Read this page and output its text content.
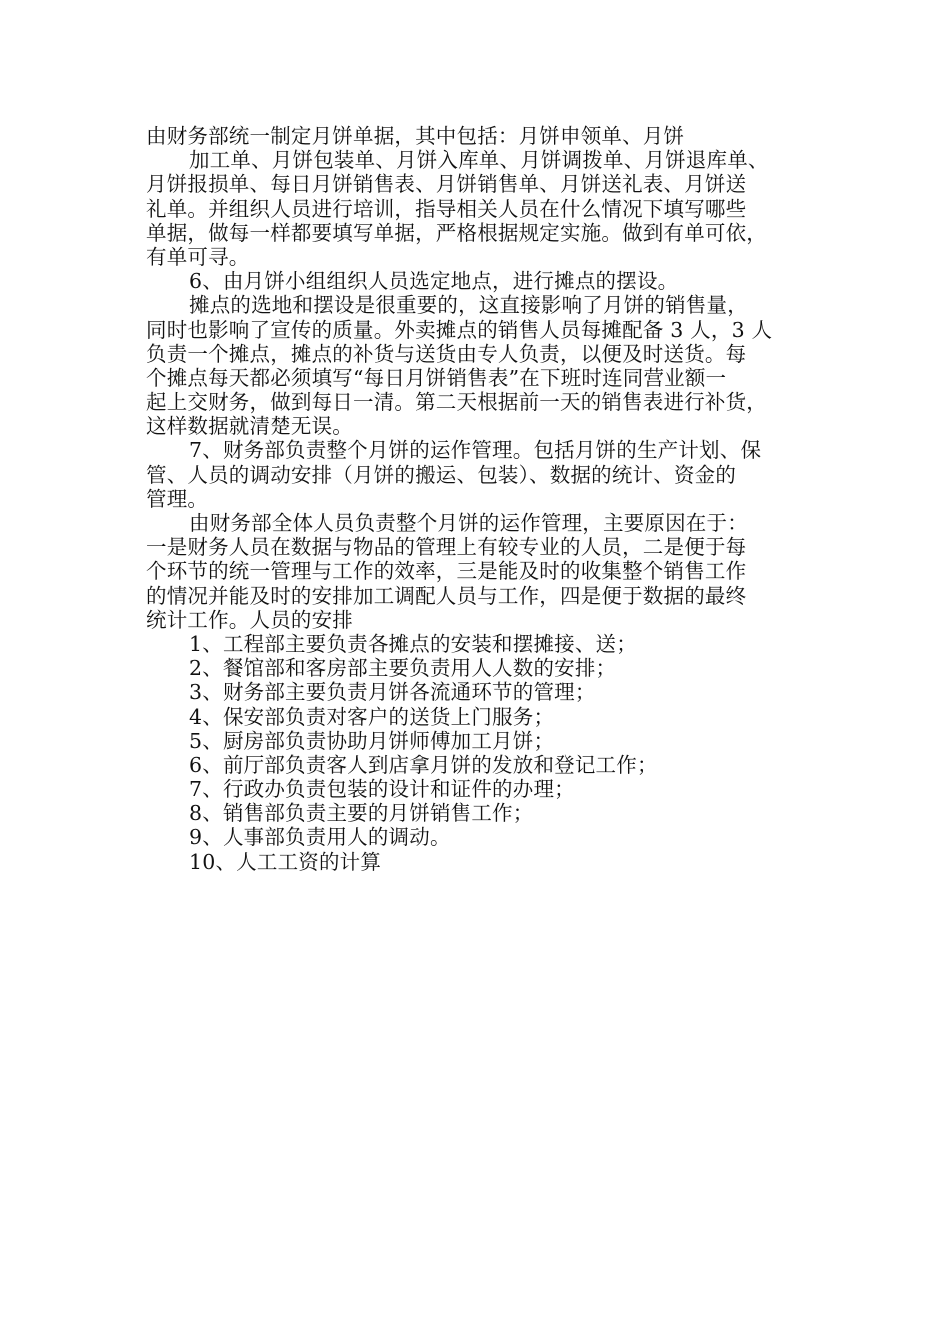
由财务部统一制定月饼单据，其中包括：月饼申领单、月饼
加工单、月饼包装单、月饼入库单、月饼调拨单、月饼退库单、
月饼报损单、每日月饼销售表、月饼销售单、月饼送礼表、月饼送
礼单。并组织人员进行培训，指导相关人员在什么情况下填写哪些
单据，做每一样都要填写单据，严格根据规定实施。做到有单可依，
有单可寻。
6、由月饼小组组织人员选定地点，进行摊点的摆设。
摊点的选地和摆设是很重要的，这直接影响了月饼的销售量，
同时也影响了宣传的质量。外卖摊点的销售人员每摊配备 3 人，3 人
负责一个摊点，摊点的补货与送货由专人负责，以便及时送货。每
个摊点每天都必须填写“每日月饼销售表”在下班时连同营业额一
起上交财务，做到每日一清。第二天根据前一天的销售表进行补货，
这样数据就清楚无误。
7、财务部负责整个月饼的运作管理。包括月饼的生产计划、保
管、人员的调动安排（月饼的搬运、包装）、数据的统计、资金的
管理。
由财务部全体人员负责整个月饼的运作管理，主要原因在于：
一是财务人员在数据与物品的管理上有较专业的人员，二是便于每
个环节的统一管理与工作的效率，三是能及时的收集整个销售工作
的情况并能及时的安排加工调配人员与工作，四是便于数据的最终
统计工作。人员的安排
1、工程部主要负责各摊点的安装和摆摊接、送；
2、餐馆部和客房部主要负责用人人数的安排；
3、财务部主要负责月饼各流通环节的管理；
4、保安部负责对客户的送货上门服务；
5、厨房部负责协助月饼师傅加工月饼；
6、前厅部负责客人到店拿月饼的发放和登记工作；
7、行政办负责包装的设计和证件的办理；
8、销售部负责主要的月饼销售工作；
9、人事部负责用人的调动。
10、人工工资的计算
